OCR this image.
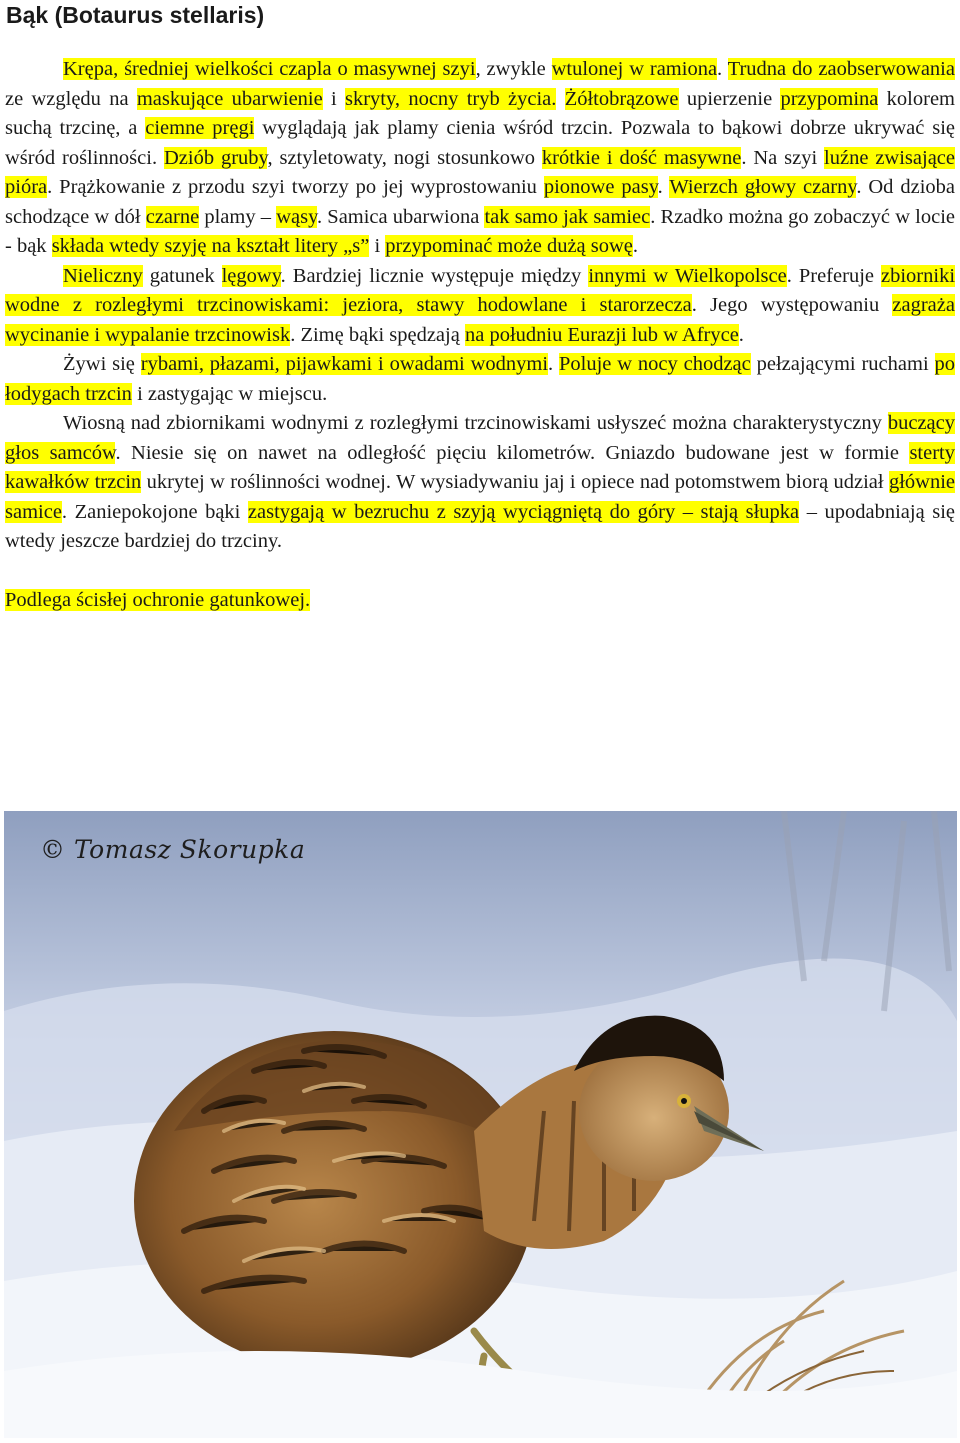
Bąk (Botaurus stellaris)

Krępa, średniej wielkości czapla o masywnej szyi, zwykle wtulonej w ramiona. Trudna do zaobserwowania ze względu na maskujące ubarwienie i skryty, nocny tryb życia. Żółtobrązowe upierzenie przypomina kolorem suchą trzcinę, a ciemne pręgi wyglądają jak plamy cienia wśród trzcin. Pozwala to bąkowi dobrze ukrywać się wśród roślinności. Dziób gruby, sztyletowaty, nogi stosunkowo krótkie i dość masywne. Na szyi luźne zwisające pióra. Prążkowanie z przodu szyi tworzy po jej wyprostowaniu pionowe pasy. Wierzch głowy czarny. Od dzioba schodzące w dół czarne plamy – wąsy. Samica ubarwiona tak samo jak samiec. Rzadko można go zobaczyć w locie - bąk składa wtedy szyję na kształt litery „s” i przypominać może dużą sowę.

Nieliczny gatunek lęgowy. Bardziej licznie występuje między innymi w Wielkopolsce. Preferuje zbiorniki wodne z rozległymi trzcinowiskami: jeziora, stawy hodowlane i starorzecza. Jego występowaniu zagraża wycinanie i wypalanie trzcinowisk. Zimę bąki spędzają na południu Eurazji lub w Afryce.

Żywi się rybami, płazami, pijawkami i owadami wodnymi. Poluje w nocy chodząc pełzającymi ruchami po łodygach trzcin i zastygając w miejscu.

Wiosną nad zbiornikami wodnymi z rozległymi trzcinowiskami usłyszeć można charakterystyczny buczący głos samców. Niesie się on nawet na odległość pięciu kilometrów. Gniazdo budowane jest w formie sterty kawałków trzcin ukrytej w roślinności wodnej. W wysiadywaniu jaj i opiece nad potomstwem biorą udział głównie samice. Zaniepokojone bąki zastygają w bezruchu z szyją wyciągniętą do góry – stają słupka – upodabniają się wtedy jeszcze bardziej do trzciny.

Podlega ścisłej ochronie gatunkowej.

© Tomasz Skorupka
